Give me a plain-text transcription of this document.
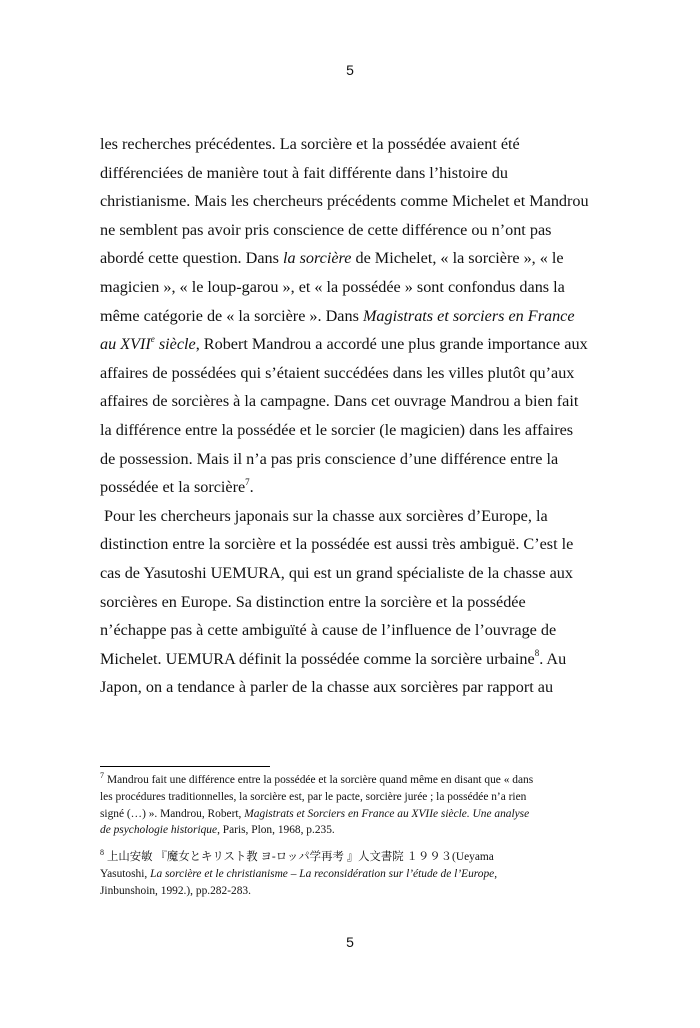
5
les recherches précédentes. La sorcière et la possédée avaient été
différenciées de manière tout à fait différente dans l’histoire du
christianisme. Mais les chercheurs précédents comme Michelet et Mandrou
ne semblent pas avoir pris conscience de cette différence ou n’ont pas
abordé cette question. Dans la sorcière de Michelet, « la sorcière », « le
magicien », « le loup-garou », et « la possédée » sont confondus dans la
même catégorie de « la sorcière ». Dans Magistrats et sorciers en France
au XVIIe siècle, Robert Mandrou a accordé une plus grande importance aux
affaires de possédées qui s’étaient succédées dans les villes plutôt qu’aux
affaires de sorcières à la campagne. Dans cet ouvrage Mandrou a bien fait
la différence entre la possédée et le sorcier (le magicien) dans les affaires
de possession. Mais il n’a pas pris conscience d’une différence entre la
possédée et la sorcière$^7$.
Pour les chercheurs japonais sur la chasse aux sorcières d’Europe, la
distinction entre la sorcière et la possédée est aussi très ambiguë. C’est le
cas de Yasutoshi UEMURA, qui est un grand spécialiste de la chasse aux
sorcières en Europe. Sa distinction entre la sorcière et la possédée
n’échappe pas à cette ambiguïté à cause de l’influence de l’ouvrage de
Michelet. UEMURA définit la possédée comme la sorcière urbaine$^8$. Au
Japon, on a tendance à parler de la chasse aux sorcières par rapport au
$^7$ Mandrou fait une différence entre la possédée et la sorcière quand même en disant que « dans
les procédures traditionnelles, la sorcière est, par le pacte, sorcière jurée ; la possédée n’a rien
signé (…) ». Mandrou, Robert, Magistrats et Sorciers en France au XVIIe siècle. Une analyse
de psychologie historique, Paris, Plon, 1968, p.235.
$^8$ 上山安敏 『魔女とキリスト教 ヨ-ロッパ学再考 』人文書院 １９９３(Ueyama
Yasutoshi, La sorcière et le christianisme – La reconsidération sur l’étude de l’Europe,
Jinbunshoin, 1992.), pp.282-283.
5
